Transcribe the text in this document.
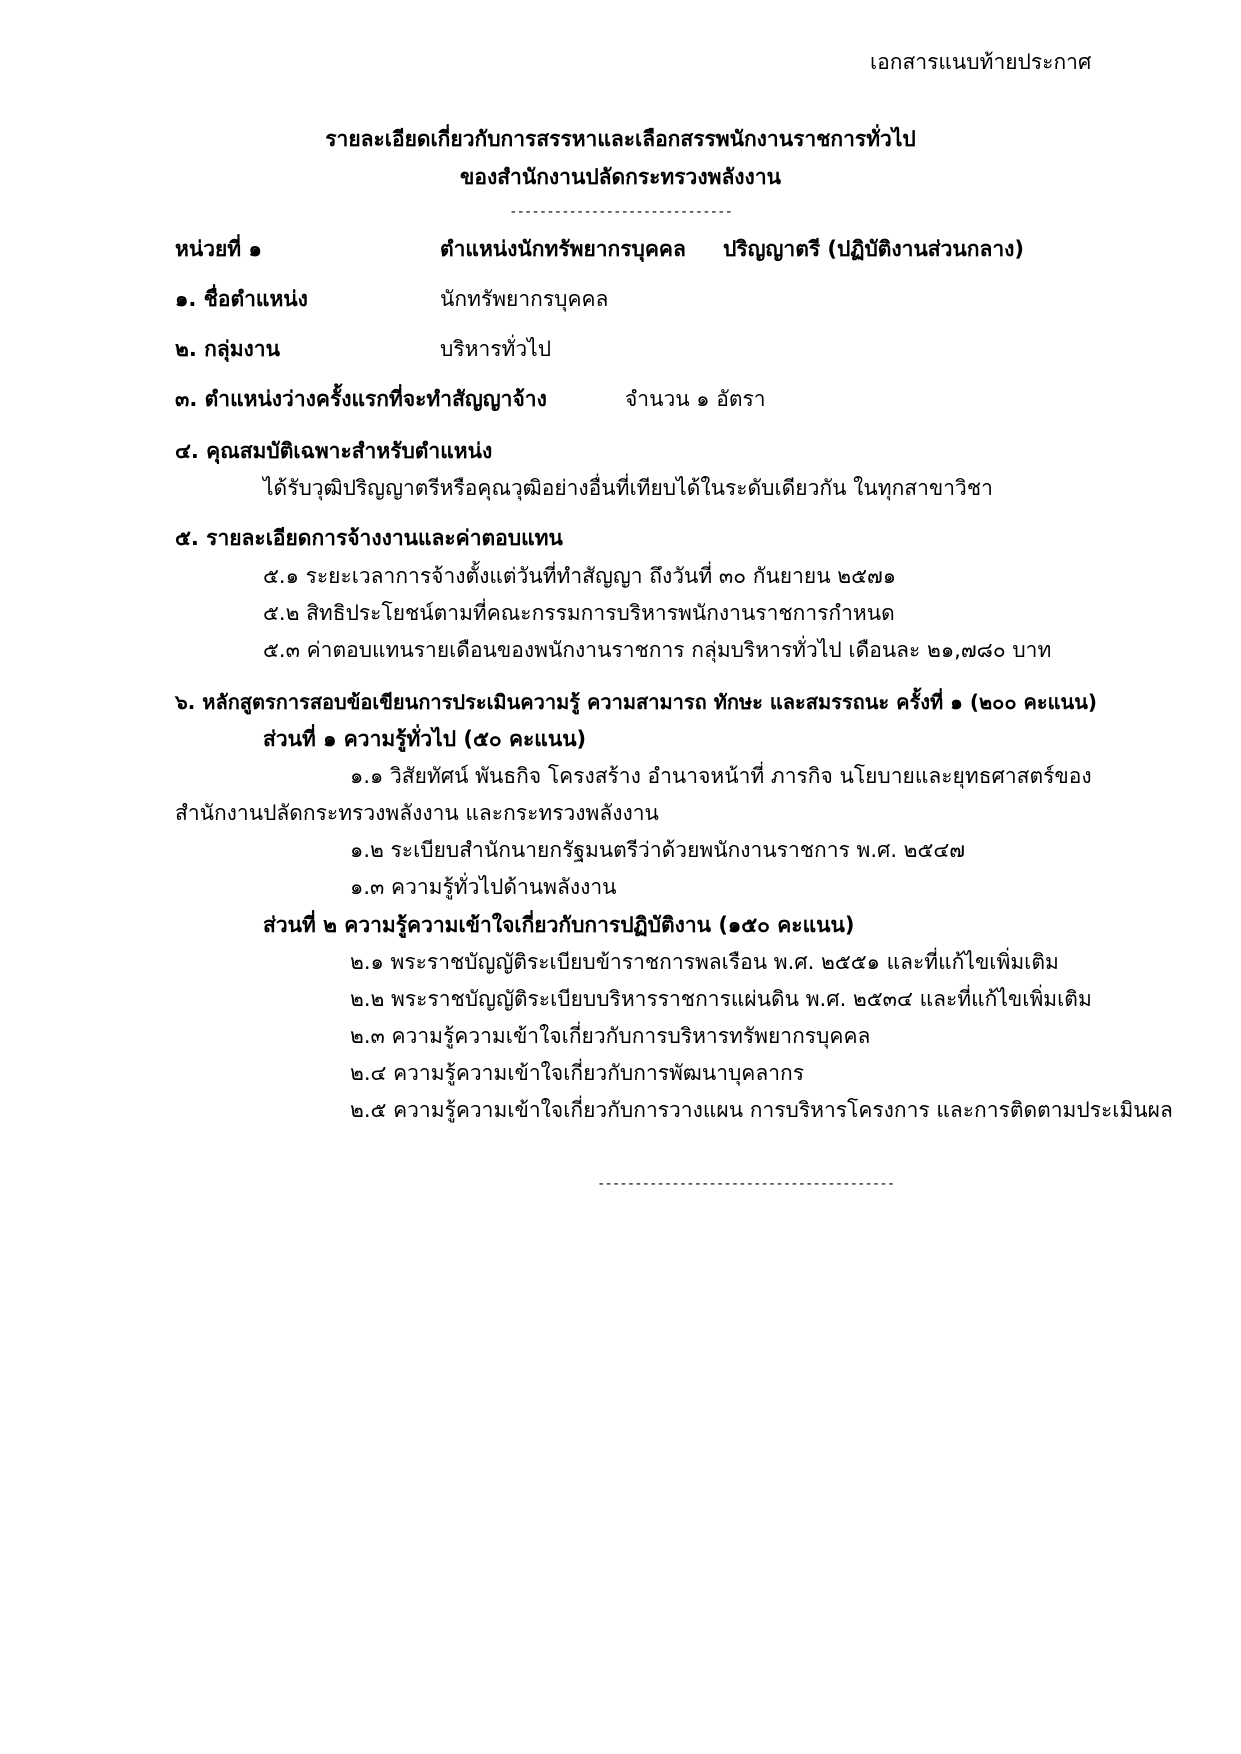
เอกสารแนบท้ายประกาศ
รายละเอียดเกี่ยวกับการสรรหาและเลือกสรรพนักงานราชการทั่วไป
ของสำนักงานปลัดกระทรวงพลังงาน
------------------------------
หน่วยที่ ๑	ตำแหน่งนักทรัพยากรบุคคล ปริญญาตรี (ปฏิบัติงานส่วนกลาง)
๑. ชื่อตำแหน่ง	นักทรัพยากรบุคคล
๒. กลุ่มงาน	บริหารทั่วไป
๓. ตำแหน่งว่างครั้งแรกที่จะทำสัญญาจ้าง	จำนวน ๑ อัตรา
๔. คุณสมบัติเฉพาะสำหรับตำแหน่ง
ได้รับวุฒิปริญญาตรีหรือคุณวุฒิอย่างอื่นที่เทียบได้ในระดับเดียวกัน ในทุกสาขาวิชา
๕. รายละเอียดการจ้างงานและค่าตอบแทน
๕.๑ ระยะเวลาการจ้างตั้งแต่วันที่ทำสัญญา ถึงวันที่ ๓๐ กันยายน ๒๕๗๑
๕.๒ สิทธิประโยชน์ตามที่คณะกรรมการบริหารพนักงานราชการกำหนด
๕.๓ ค่าตอบแทนรายเดือนของพนักงานราชการ กลุ่มบริหารทั่วไป เดือนละ ๒๑,๗๘๐ บาท
๖. หลักสูตรการสอบข้อเขียนการประเมินความรู้ ความสามารถ ทักษะ และสมรรถนะ ครั้งที่ ๑ (๒๐๐ คะแนน)
ส่วนที่ ๑ ความรู้ทั่วไป (๕๐ คะแนน)
๑.๑ วิสัยทัศน์ พันธกิจ โครงสร้าง อำนาจหน้าที่ ภารกิจ นโยบายและยุทธศาสตร์ของ
สำนักงานปลัดกระทรวงพลังงาน และกระทรวงพลังงาน
๑.๒ ระเบียบสำนักนายกรัฐมนตรีว่าด้วยพนักงานราชการ พ.ศ. ๒๕๔๗
๑.๓ ความรู้ทั่วไปด้านพลังงาน
ส่วนที่ ๒ ความรู้ความเข้าใจเกี่ยวกับการปฏิบัติงาน (๑๕๐ คะแนน)
๒.๑ พระราชบัญญัติระเบียบข้าราชการพลเรือน พ.ศ. ๒๕๕๑ และที่แก้ไขเพิ่มเติม
๒.๒ พระราชบัญญัติระเบียบบริหารราชการแผ่นดิน พ.ศ. ๒๕๓๔ และที่แก้ไขเพิ่มเติม
๒.๓ ความรู้ความเข้าใจเกี่ยวกับการบริหารทรัพยากรบุคคล
๒.๔ ความรู้ความเข้าใจเกี่ยวกับการพัฒนาบุคลากร
๒.๕ ความรู้ความเข้าใจเกี่ยวกับการวางแผน การบริหารโครงการ และการติดตามประเมินผล
----------------------------------------
